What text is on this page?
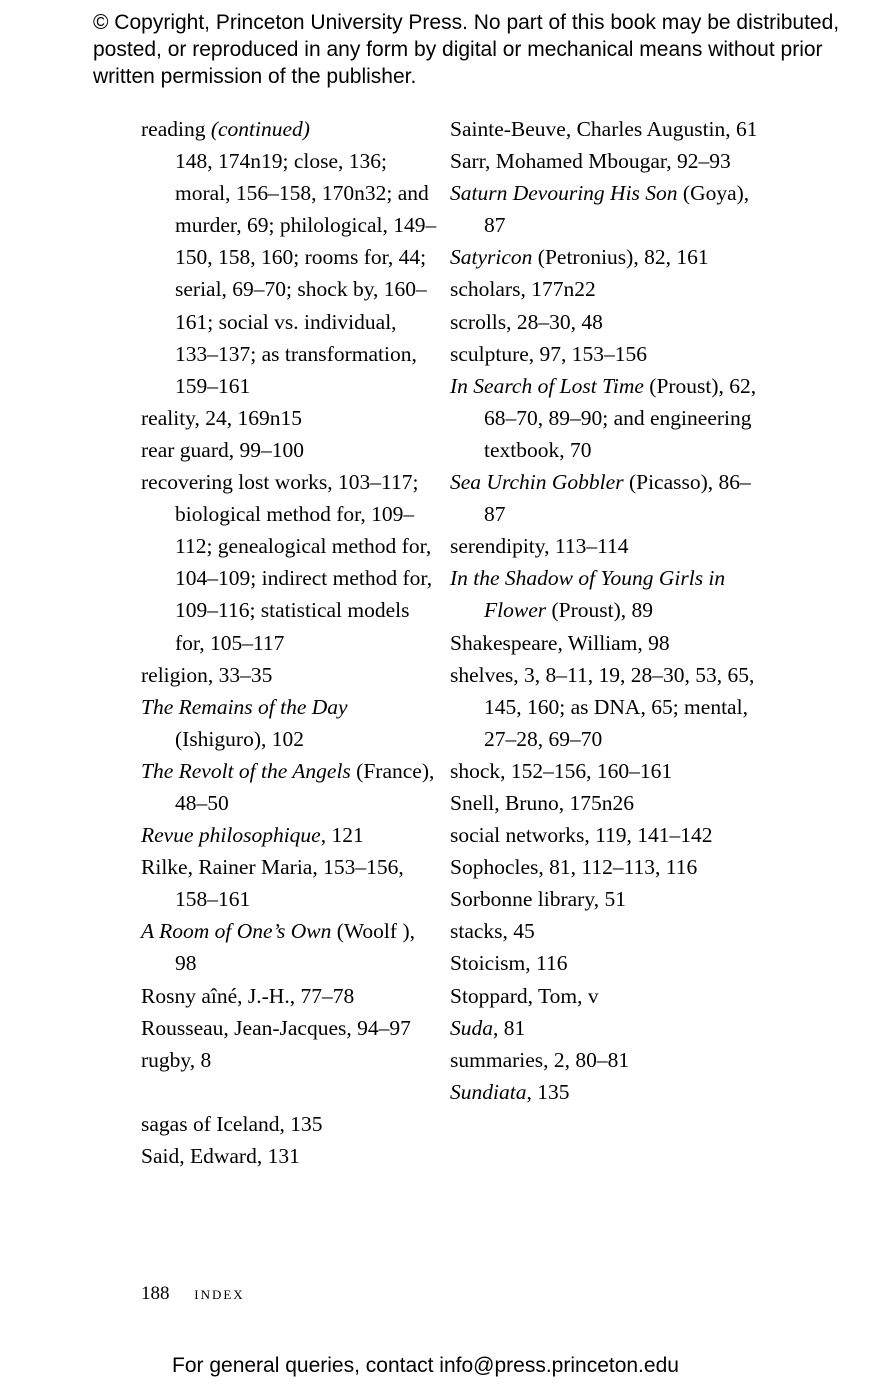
© Copyright, Princeton University Press. No part of this book may be distributed, posted, or reproduced in any form by digital or mechanical means without prior written permission of the publisher.
reading (continued)
148, 174n19; close, 136; moral, 156–158, 170n32; and murder, 69; philological, 149–150, 158, 160; rooms for, 44; serial, 69–70; shock by, 160–161; social vs. individual, 133–137; as transformation, 159–161
reality, 24, 169n15
rear guard, 99–100
recovering lost works, 103–117; biological method for, 109–112; genealogical method for, 104–109; indirect method for, 109–116; statistical models for, 105–117
religion, 33–35
The Remains of the Day (Ishiguro), 102
The Revolt of the Angels (France), 48–50
Revue philosophique, 121
Rilke, Rainer Maria, 153–156, 158–161
A Room of One’s Own (Woolf ), 98
Rosny aîné, J.-H., 77–78
Rousseau, Jean-Jacques, 94–97
rugby, 8
sagas of Iceland, 135
Said, Edward, 131
Sainte-Beuve, Charles Augustin, 61
Sarr, Mohamed Mbougar, 92–93
Saturn Devouring His Son (Goya), 87
Satyricon (Petronius), 82, 161
scholars, 177n22
scrolls, 28–30, 48
sculpture, 97, 153–156
In Search of Lost Time (Proust), 62, 68–70, 89–90; and engineering textbook, 70
Sea Urchin Gobbler (Picasso), 86–87
serendipity, 113–114
In the Shadow of Young Girls in Flower (Proust), 89
Shakespeare, William, 98
shelves, 3, 8–11, 19, 28–30, 53, 65, 145, 160; as DNA, 65; mental, 27–28, 69–70
shock, 152–156, 160–161
Snell, Bruno, 175n26
social networks, 119, 141–142
Sophocles, 81, 112–113, 116
Sorbonne library, 51
stacks, 45
Stoicism, 116
Stoppard, Tom, v
Suda, 81
summaries, 2, 80–81
Sundiata, 135
188 index
For general queries, contact info@press.princeton.edu
